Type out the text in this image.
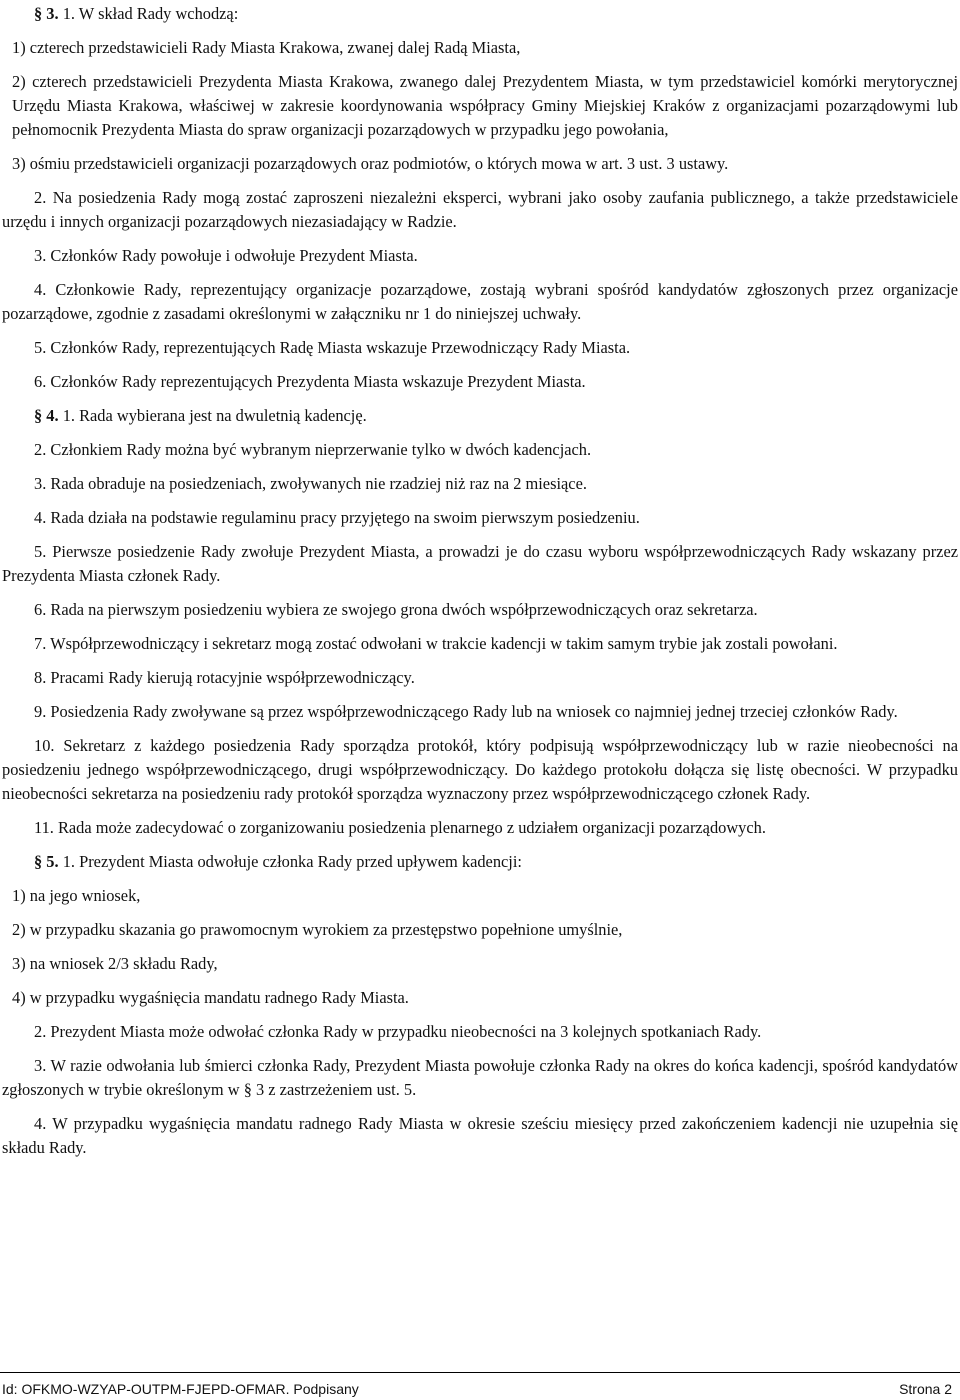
§ 3. 1. W skład Rady wchodzą:

1) czterech przedstawicieli Rady Miasta Krakowa, zwanej dalej Radą Miasta,

2) czterech przedstawicieli Prezydenta Miasta Krakowa, zwanego dalej Prezydentem Miasta, w tym przedstawiciel komórki merytorycznej Urzędu Miasta Krakowa, właściwej w zakresie koordynowania współpracy Gminy Miejskiej Kraków z organizacjami pozarządowymi lub pełnomocnik Prezydenta Miasta do spraw organizacji pozarządowych w przypadku jego powołania,

3) ośmiu przedstawicieli organizacji pozarządowych oraz podmiotów, o których mowa w art. 3 ust. 3 ustawy.

2. Na posiedzenia Rady mogą zostać zaproszeni niezależni eksperci, wybrani jako osoby zaufania publicznego, a także przedstawiciele urzędu i innych organizacji pozarządowych niezasiadający w Radzie.

3. Członków Rady powołuje i odwołuje Prezydent Miasta.

4. Członkowie Rady, reprezentujący organizacje pozarządowe, zostają wybrani spośród kandydatów zgłoszonych przez organizacje pozarządowe, zgodnie z zasadami określonymi w załączniku nr 1 do niniejszej uchwały.

5. Członków Rady, reprezentujących Radę Miasta wskazuje Przewodniczący Rady Miasta.

6. Członków Rady reprezentujących Prezydenta Miasta wskazuje Prezydent Miasta.

§ 4. 1. Rada wybierana jest na dwuletnią kadencję.

2. Członkiem Rady można być wybranym nieprzerwanie tylko w dwóch kadencjach.

3. Rada obraduje na posiedzeniach, zwoływanych nie rzadziej niż raz na 2 miesiące.

4. Rada działa na podstawie regulaminu pracy przyjętego na swoim pierwszym posiedzeniu.

5. Pierwsze posiedzenie Rady zwołuje Prezydent Miasta, a prowadzi je do czasu wyboru współprzewodniczących Rady wskazany przez Prezydenta Miasta członek Rady.

6. Rada na pierwszym posiedzeniu wybiera ze swojego grona dwóch współprzewodniczących oraz sekretarza.

7. Współprzewodniczący i sekretarz mogą zostać odwołani w trakcie kadencji w takim samym trybie jak zostali powołani.

8. Pracami Rady kierują rotacyjnie współprzewodniczący.

9. Posiedzenia Rady zwoływane są przez współprzewodniczącego Rady lub na wniosek co najmniej jednej trzeciej członków Rady.

10. Sekretarz z każdego posiedzenia Rady sporządza protokół, który podpisują współprzewodniczący lub w razie nieobecności na posiedzeniu jednego współprzewodniczącego, drugi współprzewodniczący. Do każdego protokołu dołącza się listę obecności. W przypadku nieobecności sekretarza na posiedzeniu rady protokół sporządza wyznaczony przez współprzewodniczącego członek Rady.

11. Rada może zadecydować o zorganizowaniu posiedzenia plenarnego z udziałem organizacji pozarządowych.

§ 5. 1. Prezydent Miasta odwołuje członka Rady przed upływem kadencji:

1) na jego wniosek,

2) w przypadku skazania go prawomocnym wyrokiem za przestępstwo popełnione umyślnie,

3) na wniosek 2/3 składu Rady,

4) w przypadku wygaśnięcia mandatu radnego Rady Miasta.

2. Prezydent Miasta może odwołać członka Rady w przypadku nieobecności na 3 kolejnych spotkaniach Rady.

3. W razie odwołania lub śmierci członka Rady, Prezydent Miasta powołuje członka Rady na okres do końca kadencji, spośród kandydatów zgłoszonych w trybie określonym w § 3 z zastrzeżeniem ust. 5.

4. W przypadku wygaśnięcia mandatu radnego Rady Miasta w okresie sześciu miesięcy przed zakończeniem kadencji nie uzupełnia się składu Rady.

Id: OFKMO-WZYAP-OUTPM-FJEPD-OFMAR. Podpisany	Strona 2
